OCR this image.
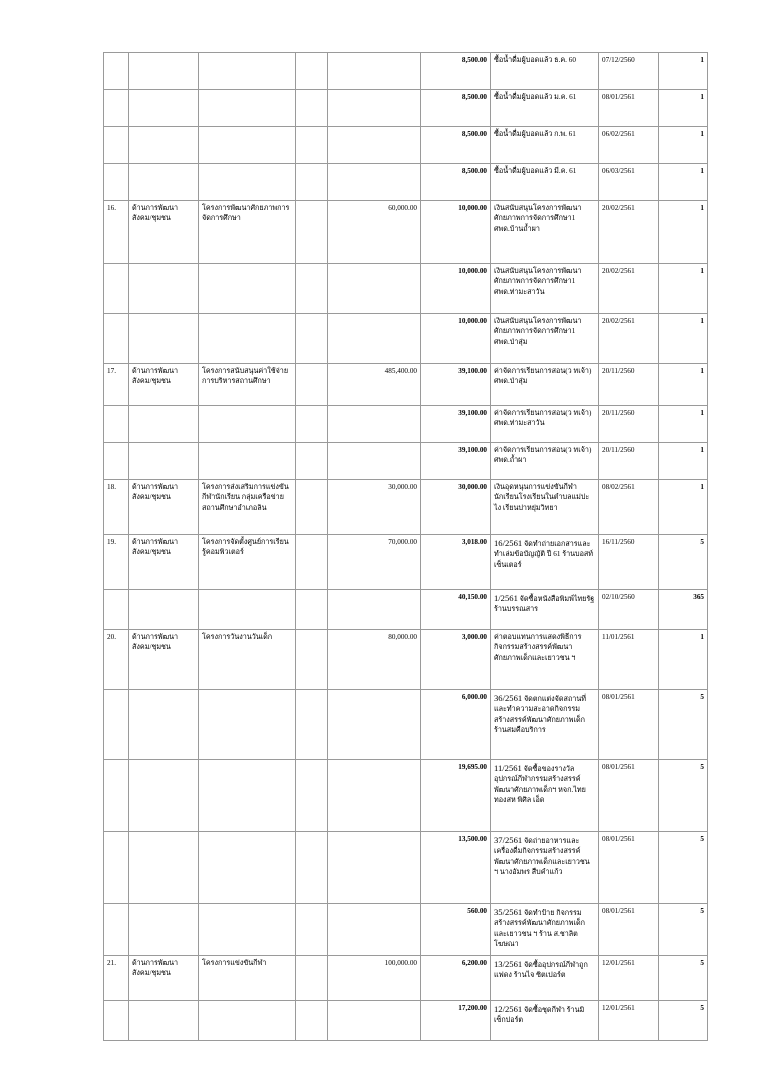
					8,500.00	ซื้อน้ำดื่มผู้บอดแล้ว ธ.ค. 60	07/12/2560	1
					8,500.00	ซื้อน้ำดื่มผู้บอดแล้ว ม.ค. 61	08/01/2561	1
					8,500.00	ซื้อน้ำดื่มผู้บอดแล้ว ก.พ. 61	06/02/2561	1
					8,500.00	ซื้อน้ำดื่มผู้บอดแล้ว มี.ค. 61	06/03/2561	1
16.	ด้านการพัฒนาสังคม/ชุมชน	โครงการพัฒนาศักยภาพการจัดการศึกษา		60,000.00	10,000.00	เงินสนับสนุนโครงการพัฒนาศักยภาพการจัดการศึกษา1 ศพด.บ้านถ้ำผา	20/02/2561	1
					10,000.00	เงินสนับสนุนโครงการพัฒนาศักยภาพการจัดการศึกษา1 ศพด.ท่ามะสาวัน	20/02/2561	1
					10,000.00	เงินสนับสนุนโครงการพัฒนาศักยภาพการจัดการศึกษา1 ศพด.ป่าสุ่ม	20/02/2561	1
17.	ด้านการพัฒนาสังคม/ชุมชน	โครงการสนับสนุนค่าใช้จ่ายการบริหารสถานศึกษา		485,400.00	39,100.00	ค่าจัดการเรียนการสอน(ว ทเจ้า) ศพด.ป่าสุ่ม	20/11/2560	1
					39,100.00	ค่าจัดการเรียนการสอน(ว ทเจ้า) ศพด.ท่ามะสาวัน	20/11/2560	1
					39,100.00	ค่าจัดการเรียนการสอน(ว ทเจ้า) ศพด.ถ้ำผา	20/11/2560	1
18.	ด้านการพัฒนาสังคม/ชุมชน	โครงการส่งเสริมการแข่งขันกีฬานักเรียน กลุ่มเครือข่ายสถานศึกษาอำเภอลิน		30,000.00	30,000.00	เงินอุดหนุนการแข่งขันกีฬานักเรียนโรงเรียนในตำบลแม่ปะไง เรียนปาหยุ่มวิทยา	08/02/2561	1
19.	ด้านการพัฒนาสังคม/ชุมชน	โครงการจัดตั้งศูนย์การเรียนรู้คอมพิวเตอร์		70,000.00	3,018.00	16/2561 จัดทำถ่ายเอกสารและทำเล่มข้อบัญญัติ ปี 61 ร้านบอสท์ เซ็นเตอร์	16/11/2560	5
					40,150.00	1/2561 จัดซื้อหนังสือพิมพ์ไทยรัฐ ร้านบรรณสาร	02/10/2560	365
20.	ด้านการพัฒนาสังคม/ชุมชน	โครงการวันงานวันเด็ก		80,000.00	3,000.00	ค่าตอบแทนการแสดงพิธีการ กิจกรรมสร้างสรรค์พัฒนาศักยภาพเด็กและเยาวชน ฯ	11/01/2561	1
					6,000.00	36/2561 จัดตกแต่งจัดสถานที่และทำความสะอาดกิจกรรมสร้างสรรค์พัฒนาศักยภาพเด็ก ร้านสมคือบริการ	08/01/2561	5
					19,695.00	11/2561 จัดซื้อของรางวัลอุปกรณ์กีฬากรรมสร้างสรรค์พัฒนาศักยภาพเด็กฯ หจก.ไทยทองสห พิศิล เอ็ด	08/01/2561	5
					13,500.00	37/2561 จัดถ่ายอาหารและเครื่องดื่มกิจกรรมสร้างสรรค์พัฒนาศักยภาพเด็กและเยาวชน ฯ นางอัมพร สืบคำแก้ว	08/01/2561	5
					560.00	35/2561 จัดทำป้าย กิจกรรมสร้างสรรค์พัฒนาศักยภาพเด็กและเยาวชน ฯ ร้าน ส.ชาลิต โฆษณา	08/01/2561	5
21.	ด้านการพัฒนาสังคม/ชุมชน	โครงการแข่งขันกีฬา		100,000.00	6,200.00	13/2561 จัดซื้ออุปกรณ์กีฬาถูกแฟดง ร้านไจ ซิตเปอร์ต	12/01/2561	5
					17,200.00	12/2561 จัดซื้อชุดกีฬา ร้านมิเซ็กปอร์ต	12/01/2561	5
